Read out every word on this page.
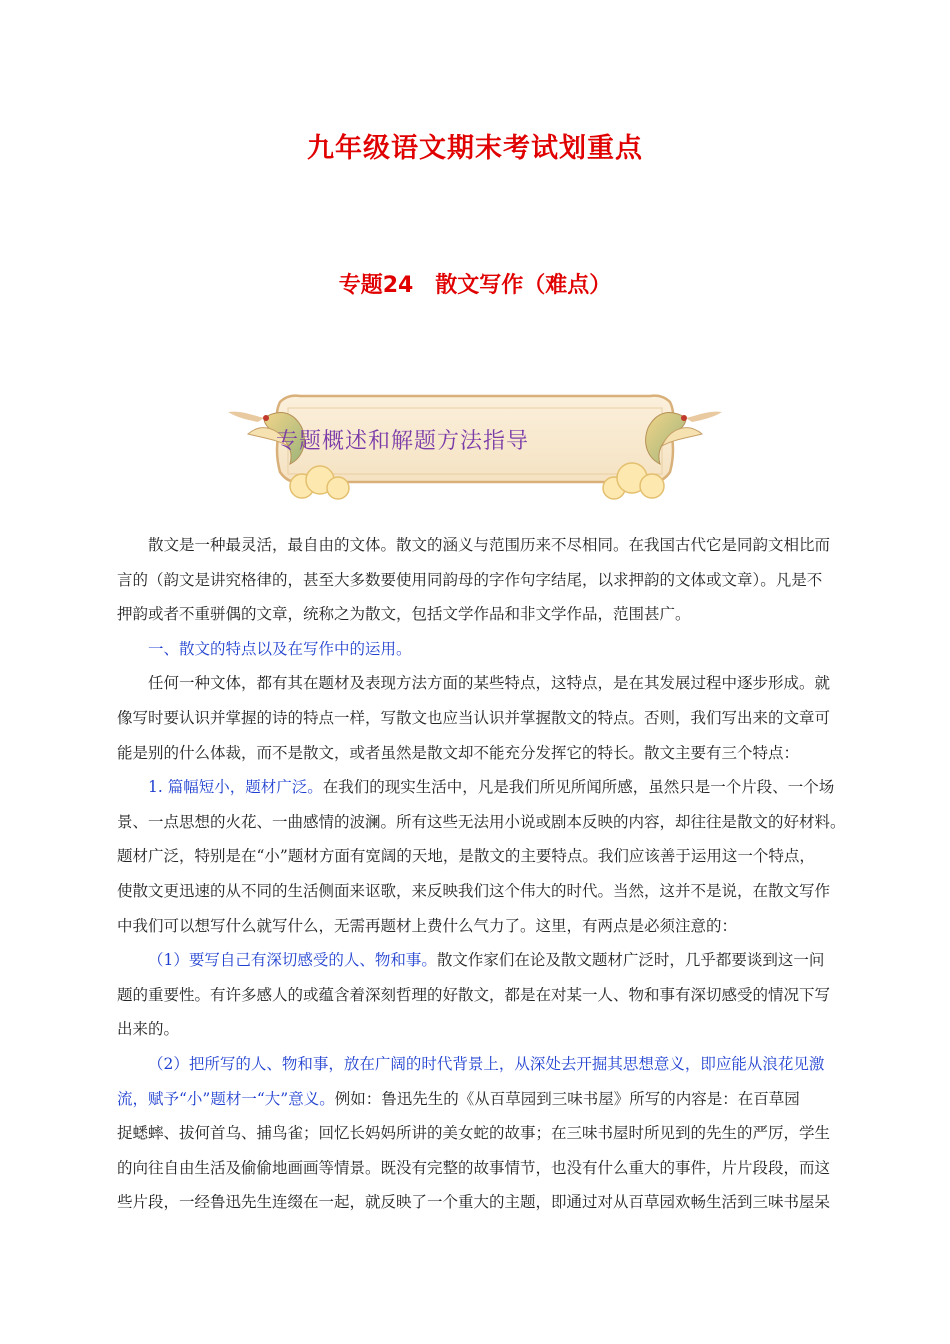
九年级语文期末考试划重点
专题24　散文写作（难点）
专题概述和解题方法指导

散文是一种最灵活，最自由的文体。散文的涵义与范围历来不尽相同。在我国古代它是同韵文相比而
言的（韵文是讲究格律的，甚至大多数要使用同韵母的字作句字结尾，以求押韵的文体或文章）。凡是不
押韵或者不重骈偶的文章，统称之为散文，包括文学作品和非文学作品，范围甚广。

一、散文的特点以及在写作中的运用。

任何一种文体，都有其在题材及表现方法方面的某些特点，这特点，是在其发展过程中逐步形成。就
像写时要认识并掌握的诗的特点一样，写散文也应当认识并掌握散文的特点。否则，我们写出来的文章可
能是别的什么体裁，而不是散文，或者虽然是散文却不能充分发挥它的特长。散文主要有三个特点：

1. 篇幅短小，题材广泛。在我们的现实生活中，凡是我们所见所闻所感，虽然只是一个片段、一个场
景、一点思想的火花、一曲感情的波澜。所有这些无法用小说或剧本反映的内容，却往往是散文的好材料。
题材广泛，特别是在“小”题材方面有宽阔的天地，是散文的主要特点。我们应该善于运用这一个特点，
使散文更迅速的从不同的生活侧面来讴歌，来反映我们这个伟大的时代。当然，这并不是说，在散文写作
中我们可以想写什么就写什么，无需再题材上费什么气力了。这里，有两点是必须注意的：

（1）要写自己有深切感受的人、物和事。散文作家们在论及散文题材广泛时，几乎都要谈到这一问
题的重要性。有许多感人的或蕴含着深刻哲理的好散文，都是在对某一人、物和事有深切感受的情况下写
出来的。

（2）把所写的人、物和事，放在广阔的时代背景上，从深处去开掘其思想意义，即应能从浪花见激
流，赋予“小”题材一“大”意义。例如：鲁迅先生的《从百草园到三味书屋》所写的内容是：在百草园
捉蟋蟀、拔何首乌、捕鸟雀；回忆长妈妈所讲的美女蛇的故事；在三味书屋时所见到的先生的严厉，学生
的向往自由生活及偷偷地画画等情景。既没有完整的故事情节，也没有什么重大的事件，片片段段，而这
些片段，一经鲁迅先生连缀在一起，就反映了一个重大的主题，即通过对从百草园欢畅生活到三味书屋呆
